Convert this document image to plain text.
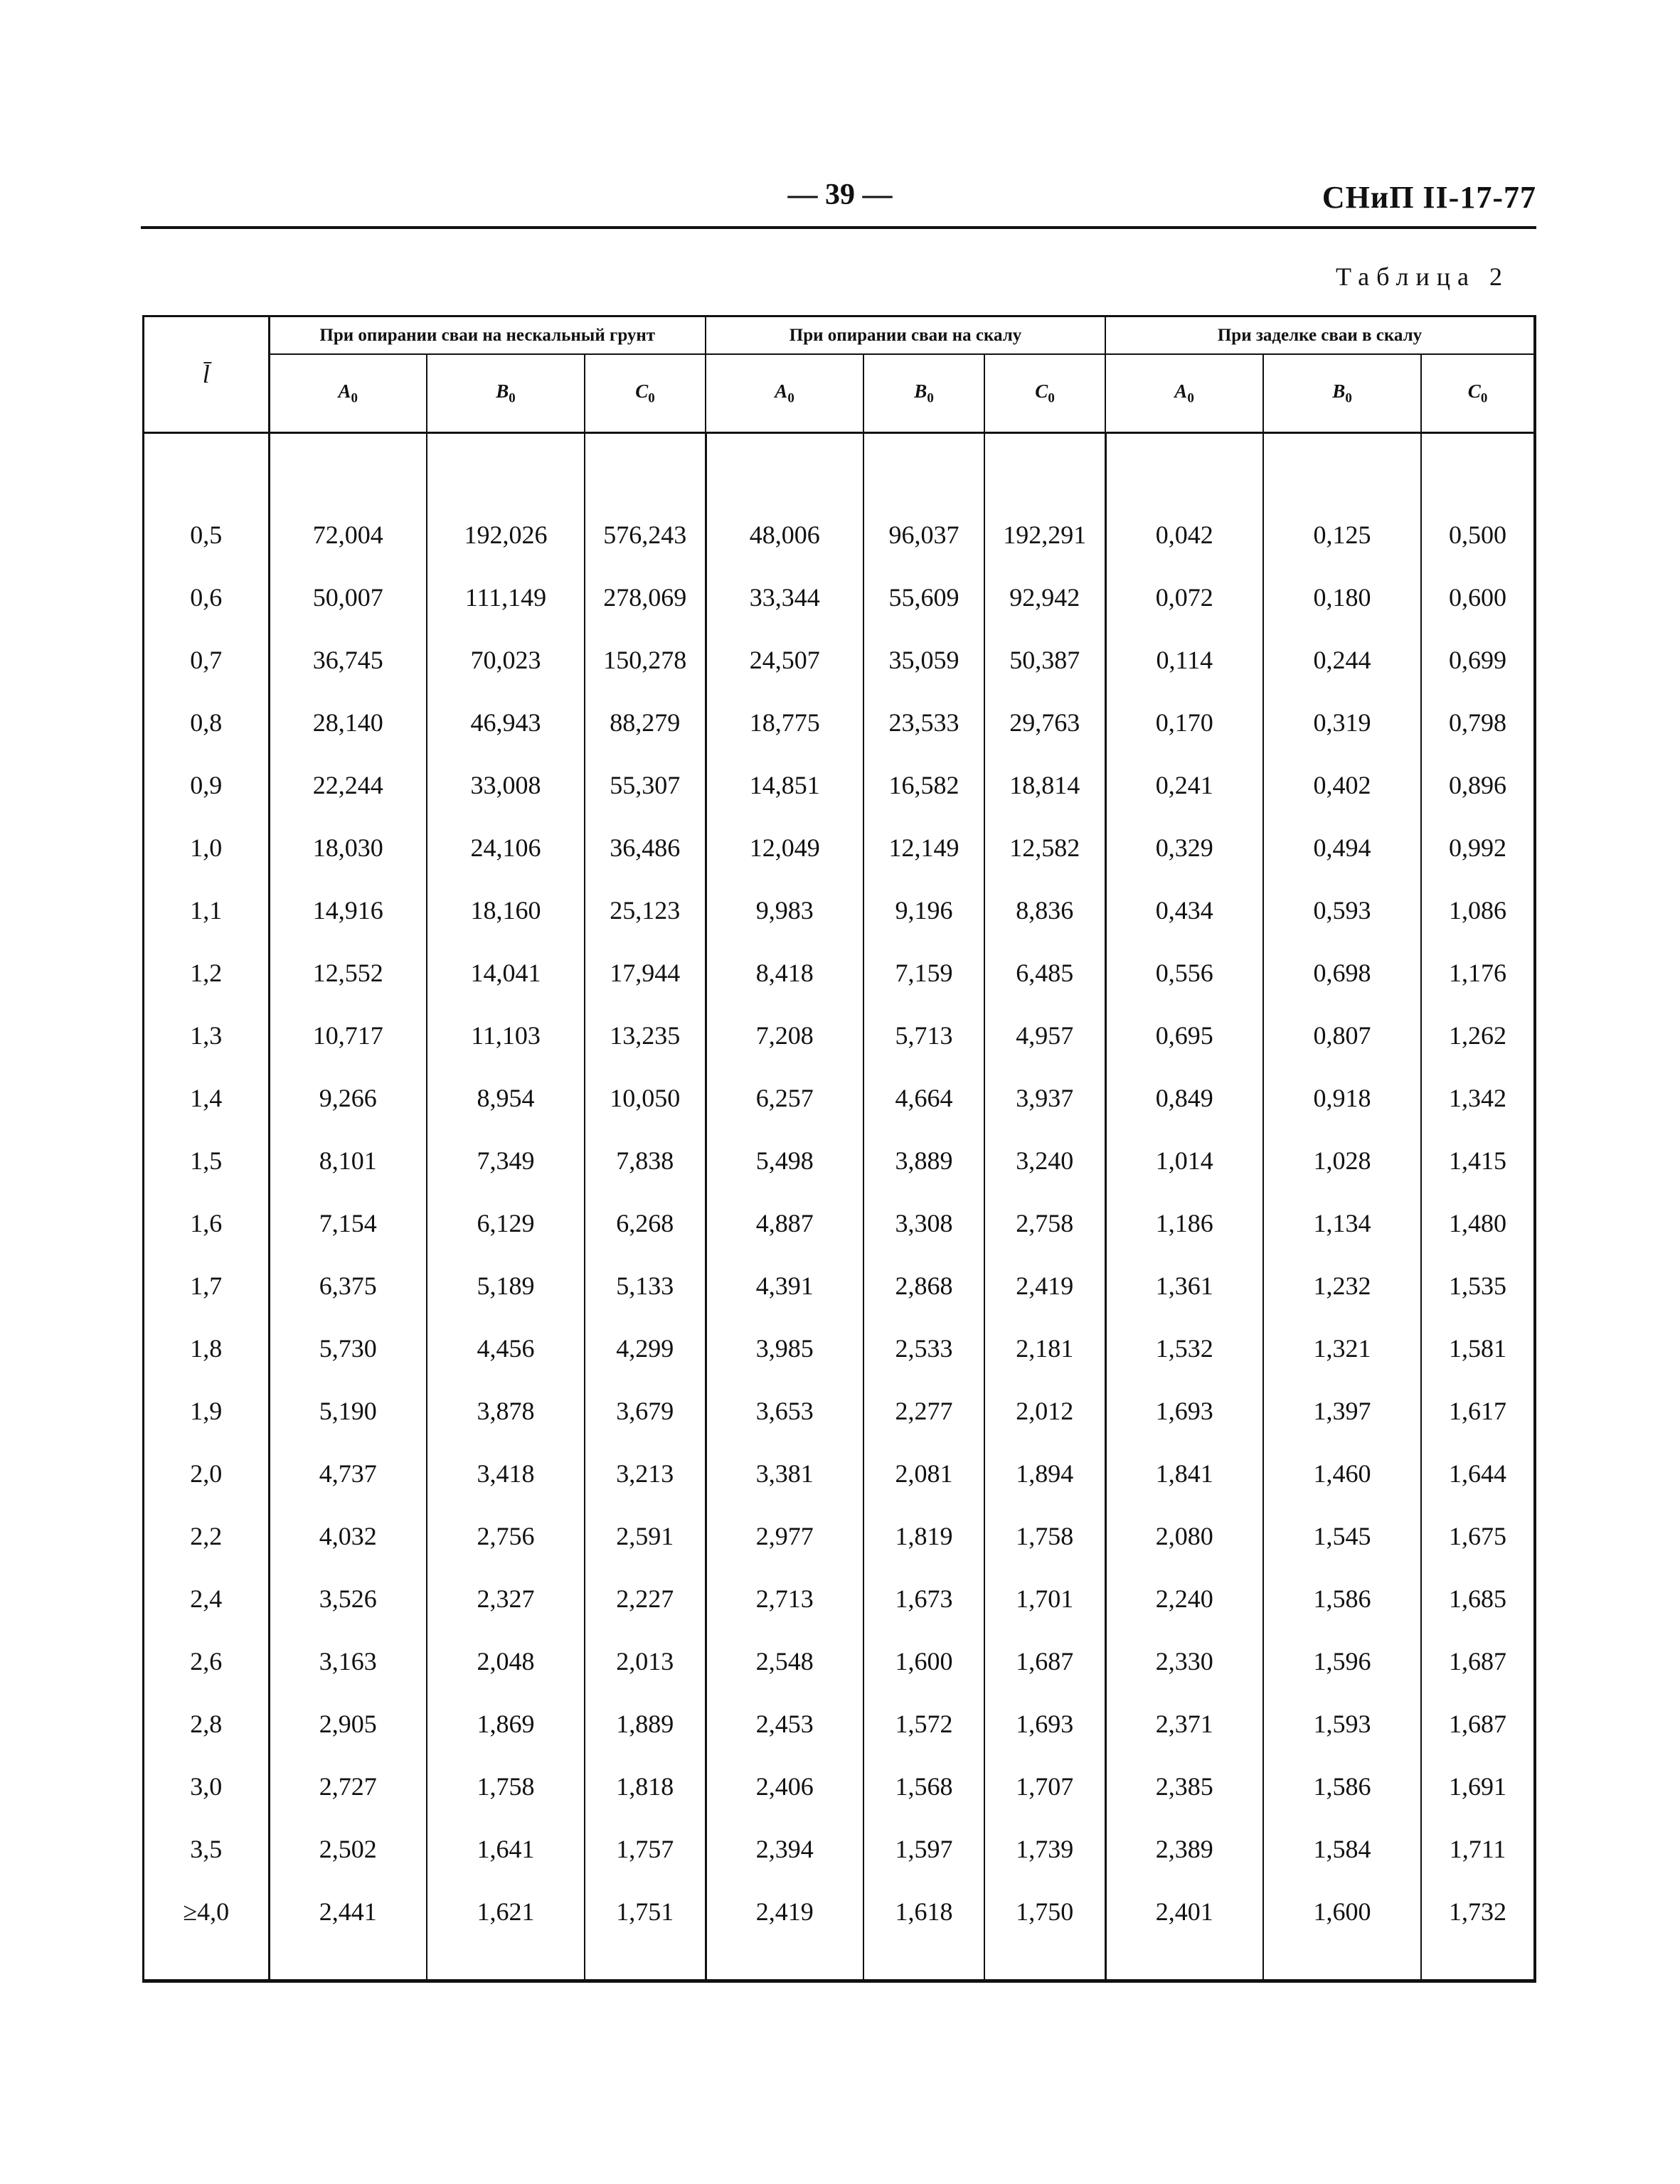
— 39 —	СНиП II-17-77
Таблица 2
l̄	При опирании сваи на нескальный грунт			При опирании сваи на скалу			При заделке сваи в скалу		
	$A_0$	$B_0$	$C_0$	$A_0$	$B_0$	$C_0$	$A_0$	$B_0$	$C_0$

0,5	72,004	192,026	576,243	48,006	96,037	192,291	0,042	0,125	0,500
0,6	50,007	111,149	278,069	33,344	55,609	92,942	0,072	0,180	0,600
0,7	36,745	70,023	150,278	24,507	35,059	50,387	0,114	0,244	0,699
0,8	28,140	46,943	88,279	18,775	23,533	29,763	0,170	0,319	0,798
0,9	22,244	33,008	55,307	14,851	16,582	18,814	0,241	0,402	0,896
1,0	18,030	24,106	36,486	12,049	12,149	12,582	0,329	0,494	0,992
1,1	14,916	18,160	25,123	9,983	9,196	8,836	0,434	0,593	1,086
1,2	12,552	14,041	17,944	8,418	7,159	6,485	0,556	0,698	1,176
1,3	10,717	11,103	13,235	7,208	5,713	4,957	0,695	0,807	1,262
1,4	9,266	8,954	10,050	6,257	4,664	3,937	0,849	0,918	1,342
1,5	8,101	7,349	7,838	5,498	3,889	3,240	1,014	1,028	1,415
1,6	7,154	6,129	6,268	4,887	3,308	2,758	1,186	1,134	1,480
1,7	6,375	5,189	5,133	4,391	2,868	2,419	1,361	1,232	1,535
1,8	5,730	4,456	4,299	3,985	2,533	2,181	1,532	1,321	1,581
1,9	5,190	3,878	3,679	3,653	2,277	2,012	1,693	1,397	1,617
2,0	4,737	3,418	3,213	3,381	2,081	1,894	1,841	1,460	1,644
2,2	4,032	2,756	2,591	2,977	1,819	1,758	2,080	1,545	1,675
2,4	3,526	2,327	2,227	2,713	1,673	1,701	2,240	1,586	1,685
2,6	3,163	2,048	2,013	2,548	1,600	1,687	2,330	1,596	1,687
2,8	2,905	1,869	1,889	2,453	1,572	1,693	2,371	1,593	1,687
3,0	2,727	1,758	1,818	2,406	1,568	1,707	2,385	1,586	1,691
3,5	2,502	1,641	1,757	2,394	1,597	1,739	2,389	1,584	1,711
≥4,0	2,441	1,621	1,751	2,419	1,618	1,750	2,401	1,600	1,732
